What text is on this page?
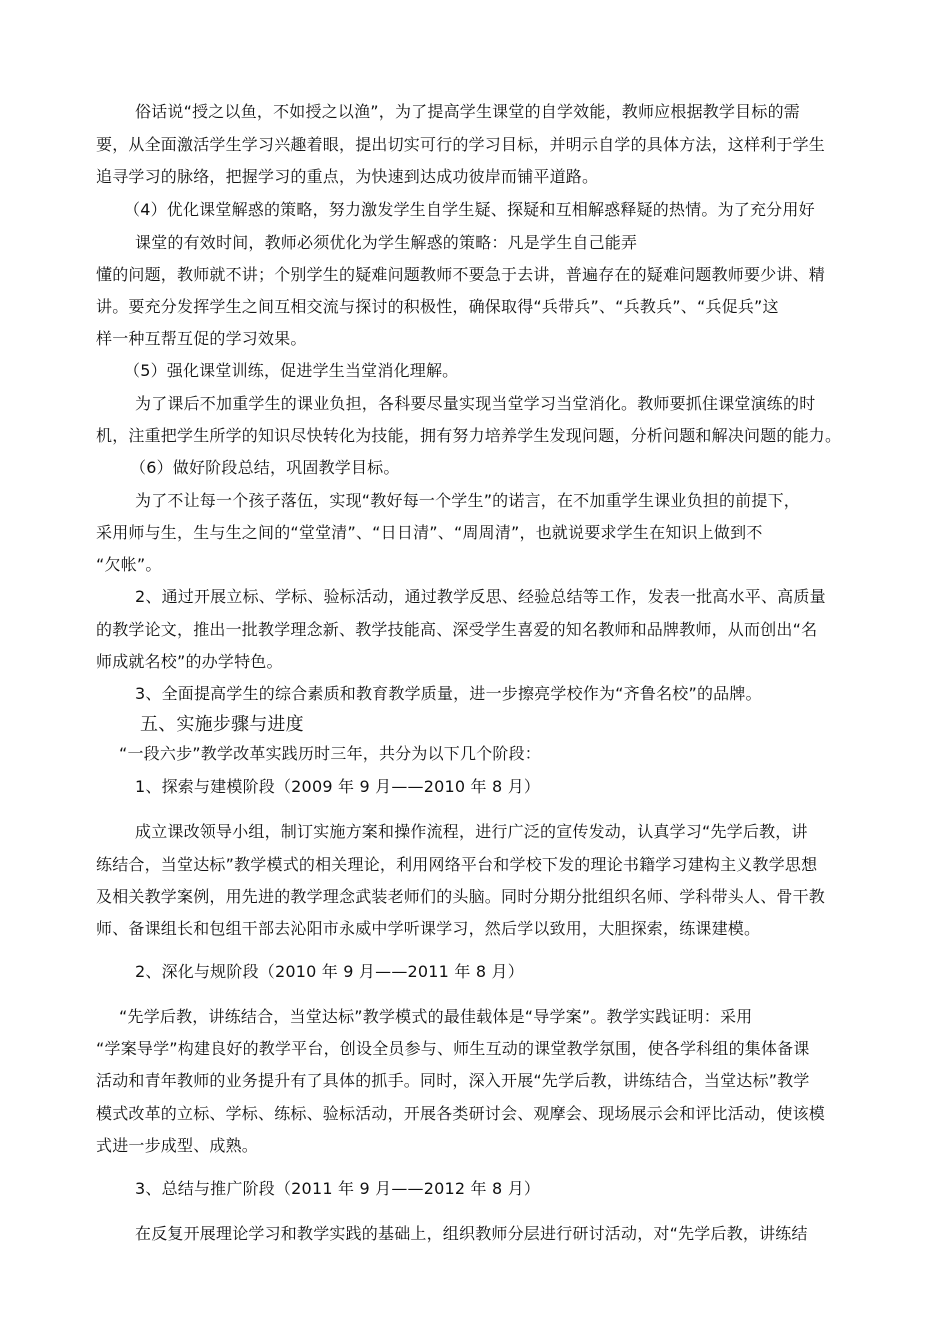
俗话说“授之以鱼，不如授之以渔”，为了提高学生课堂的自学效能，教师应根据教学目标的需
要，从全面激活学生学习兴趣着眼，提出切实可行的学习目标，并明示自学的具体方法，这样利于学生
追寻学习的脉络，把握学习的重点，为快速到达成功彼岸而铺平道路。
（4）优化课堂解惑的策略，努力激发学生自学生疑、探疑和互相解惑释疑的热情。为了充分用好
课堂的有效时间，教师必须优化为学生解惑的策略：凡是学生自己能弄
懂的问题，教师就不讲；个别学生的疑难问题教师不要急于去讲，普遍存在的疑难问题教师要少讲、精
讲。要充分发挥学生之间互相交流与探讨的积极性，确保取得“兵带兵”、“兵教兵”、“兵促兵”这
样一种互帮互促的学习效果。
（5）强化课堂训练，促进学生当堂消化理解。
为了课后不加重学生的课业负担，各科要尽量实现当堂学习当堂消化。教师要抓住课堂演练的时
机，注重把学生所学的知识尽快转化为技能，拥有努力培养学生发现问题，分析问题和解决问题的能力。
（6）做好阶段总结，巩固教学目标。
为了不让每一个孩子落伍，实现“教好每一个学生”的诺言，在不加重学生课业负担的前提下，
采用师与生，生与生之间的“堂堂清”、“日日清”、“周周清”，也就说要求学生在知识上做到不
“欠帐”。
2、通过开展立标、学标、验标活动，通过教学反思、经验总结等工作，发表一批高水平、高质量
的教学论文，推出一批教学理念新、教学技能高、深受学生喜爱的知名教师和品牌教师，从而创出“名
师成就名校”的办学特色。
3、全面提高学生的综合素质和教育教学质量，进一步擦亮学校作为“齐鲁名校”的品牌。
五、实施步骤与进度
“一段六步”教学改革实践历时三年，共分为以下几个阶段：
1、探索与建模阶段（2009 年 9 月——2010 年 8 月）
成立课改领导小组，制订实施方案和操作流程，进行广泛的宣传发动，认真学习“先学后教，讲
练结合，当堂达标”教学模式的相关理论，利用网络平台和学校下发的理论书籍学习建构主义教学思想
及相关教学案例，用先进的教学理念武装老师们的头脑。同时分期分批组织名师、学科带头人、骨干教
师、备课组长和包组干部去沁阳市永威中学听课学习，然后学以致用，大胆探索，练课建模。
2、深化与规阶段（2010 年 9 月——2011 年 8 月）
“先学后教，讲练结合，当堂达标”教学模式的最佳载体是“导学案”。教学实践证明：采用
“学案导学”构建良好的教学平台，创设全员参与、师生互动的课堂教学氛围，使各学科组的集体备课
活动和青年教师的业务提升有了具体的抓手。同时，深入开展“先学后教，讲练结合，当堂达标”教学
模式改革的立标、学标、练标、验标活动，开展各类研讨会、观摩会、现场展示会和评比活动，使该模
式进一步成型、成熟。
3、总结与推广阶段（2011 年 9 月——2012 年 8 月）
在反复开展理论学习和教学实践的基础上，组织教师分层进行研讨活动，对“先学后教，讲练结
